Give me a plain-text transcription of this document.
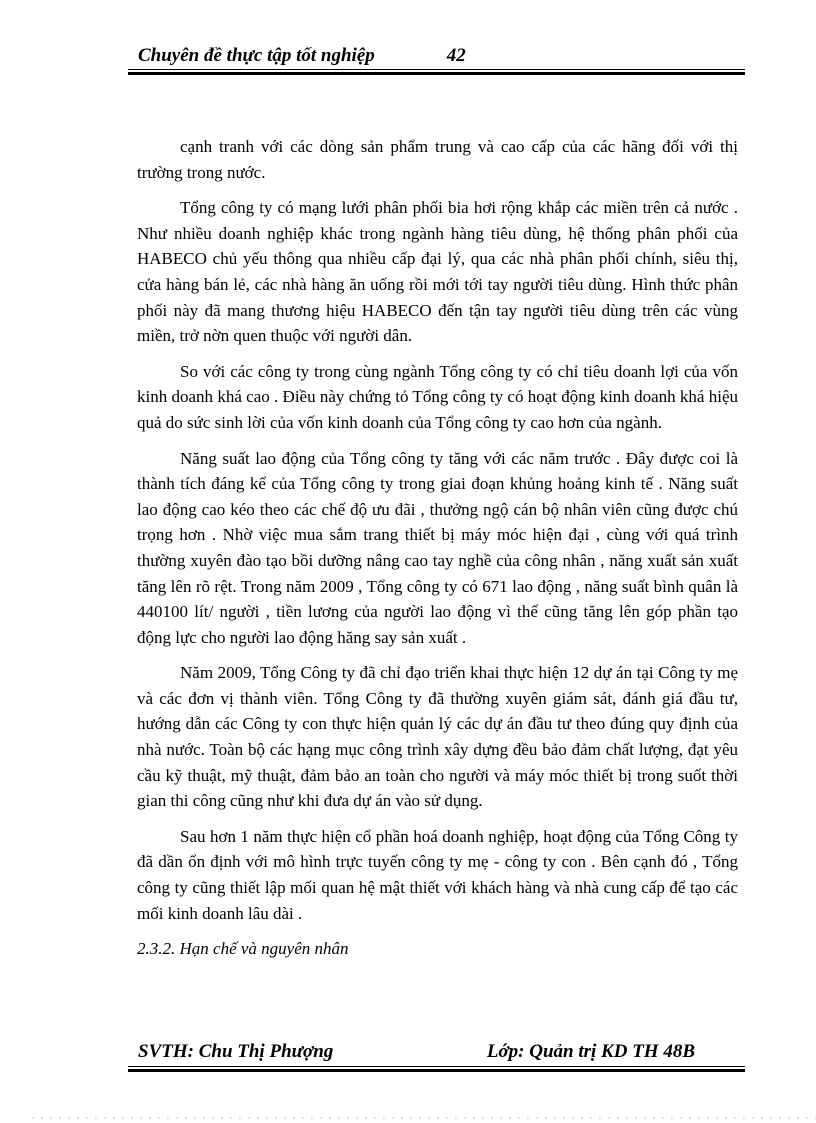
Chuyên đề thực tập tốt nghiệp	42

cạnh tranh với các dòng sản phẩm trung và cao cấp của các hãng đối với thị trường trong nước.

Tổng công ty có mạng lưới phân phối bia hơi rộng khắp các miền trên cả nước . Như nhiều doanh nghiệp khác trong ngành hàng tiêu dùng, hệ thống phân phối của HABECO chủ yếu thông qua nhiều cấp đại lý, qua các nhà phân phối chính, siêu thị, cửa hàng bán lẻ, các nhà hàng ăn uống rồi mới tới tay người tiêu dùng. Hình thức phân phối này đã mang thương hiệu HABECO đến tận tay người tiêu dùng trên các vùng miền, trở nờn quen thuộc với người dân.

So với các công ty trong cùng ngành Tổng công ty có chỉ tiêu doanh lợi của vốn kinh doanh khá cao . Điều này chứng tỏ Tổng công ty có hoạt động kinh doanh khá hiệu quả do sức sinh lời của vốn kinh doanh của Tổng công ty cao hơn của ngành.

Năng suất lao động của Tổng công ty tăng với các năm trước . Đây được coi là thành tích đáng kể của Tổng công ty trong giai đoạn khủng hoảng kinh tế . Năng suất lao động cao kéo theo các chế độ ưu đãi , thưởng ngộ cán bộ nhân viên cũng được chú trọng hơn . Nhờ việc mua sắm trang thiết bị máy móc hiện đại , cùng với quá trình thường xuyên đào tạo bồi dưỡng nâng cao tay nghề của công nhân , năng xuất sản xuất tăng lên rõ rệt. Trong năm 2009 , Tổng công ty có 671 lao động , năng suất bình quân là 440100 lít/ người , tiền lương của người lao động vì thế cũng tăng lên góp phần tạo động lực cho người lao động hăng say sản xuất .

Năm 2009, Tổng Công ty đã chỉ đạo triển khai thực hiện 12 dự án tại Công ty mẹ và các đơn vị thành viên. Tổng Công ty đã thường xuyên giám sát, đánh giá đầu tư, hướng dẫn các Công ty con thực hiện quản lý các dự án đầu tư theo đúng quy định của nhà nước. Toàn bộ các hạng mục công trình xây dựng đều bảo đảm chất lượng, đạt yêu cầu kỹ thuật, mỹ thuật, đảm bảo an toàn cho người và máy móc thiết bị trong suốt thời gian thi công cũng như khi đưa dự án vào sử dụng.

Sau hơn 1 năm thực hiện cổ phần hoá doanh nghiệp, hoạt động của Tổng Công ty đã dần ổn định với mô hình trực tuyến công ty mẹ - công ty con . Bên cạnh đó , Tổng công ty cũng thiết lập mối quan hệ mật thiết với khách hàng và nhà cung cấp để tạo các mối kinh doanh lâu dài .

2.3.2. Hạn chế và nguyên nhân

SVTH: Chu Thị Phượng	Lớp: Quản trị KD TH 48B
